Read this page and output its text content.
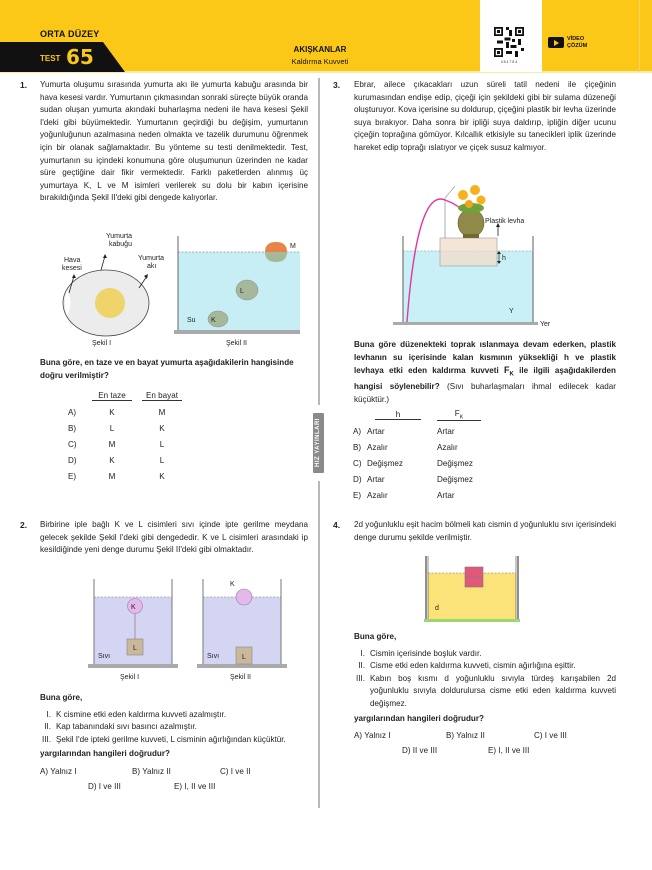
ORTA DÜZEY
TEST 65	AKIŞKANLAR
Kaldırma Kuvveti	4 8 4 7 8 4
VİDEO
ÇÖZÜM
HIZ YAYINLARI
1. Yumurta oluşumu sırasında yumurta akı ile yumurta kabuğu arasında bir hava kesesi vardır. Yumurtanın çıkmasından sonraki süreçte büyük oranda sudan oluşan yumurta akındaki buharlaşma nedeni ile hava kesesi Şekil I'deki gibi büyümektedir. Yumurtanın geçirdiği bu değişim, yumurtanın yoğunluğunun azalmasına neden olmakta ve tazelik durumunu öğrenmek için bir olanak sağlamaktadır. Bu yönteme su testi denilmektedir. Test, yumurtanın su içindeki konumuna göre oluşumunun üzerinden ne kadar süre geçtiğine dair fikir vermektedir. Farklı paketlerden alınmış üç yumurtaya K, L ve M isimleri verilerek su dolu bir kabın içerisine bırakıldığında Şekil II'deki gibi dengede kalıyorlar.
Hava kesesi
Yumurta
kabuğu
Yumurta
akı
Şekil I
K
L
M
Su
Şekil II
Buna göre, en taze ve en bayat yumurta aşağıdakilerin hangisinde doğru verilmiştir?

	En taze		En bayat

A)	K		M
B)	L		K
C)	M		L
D)	K		L
E)	M		K
2. Birbirine iple bağlı K ve L cisimleri sıvı içinde ipte gerilme meydana gelecek şekilde Şekil I'deki gibi dengededir. K ve L cisimleri arasındaki ip kesildiğinde yeni denge durumu Şekil II'deki gibi olmaktadır.
K
L
Sıvı
Şekil I
K
L
Sıvı
Şekil II
Buna göre,
I. K cismine etki eden kaldırma kuvveti azalmıştır.
II. Kap tabanındaki sıvı basıncı azalmıştır.
III. Şekil I'de ipteki gerilme kuvveti, L cisminin ağırlığından küçüktür.
yargılarından hangileri doğrudur?
A) Yalnız I	B) Yalnız II	C) I ve II
D) I ve III	E) I, II ve III
3. Ebrar, ailece çıkacakları uzun süreli tatil nedeni ile çiçeğinin kurumasından endişe edip, çiçeği için şekildeki gibi bir sulama düzeneği oluşturuyor. Kova içerisine su doldurup, çiçeğini plastik bir levha üzerinde suya bırakıyor. Daha sonra bir ipliği suya daldırıp, ipliğin diğer ucunu çiçeğin toprağına gömüyor. Kılcallık etkisiyle su tanecikleri iplik üzerinde hareket edip toprağı ıslatıyor ve çiçek susuz kalmıyor.
Plastik levha
h
Y
Yer
Buna göre düzenekteki toprak ıslanmaya devam ederken, plastik levhanın su içerisinde kalan kısmının yüksekliği h ve plastik levhaya etki eden kaldırma kuvveti $F_K$ ile ilgili aşağıdakilerden hangisi söylenebilir? (Sıvı buharlaşmaları ihmal edilecek kadar küçüktür.)

	h		$F_K$

A)	Artar		Artar
B)	Azalır		Azalır
C)	Değişmez		Değişmez
D)	Artar		Değişmez
E)	Azalır		Artar
4. 2d yoğunluklu eşit hacim bölmeli katı cismin d yoğunluklu sıvı içerisindeki denge durumu şekilde verilmiştir.
d
Buna göre,
I. Cismin içerisinde boşluk vardır.
II. Cisme etki eden kaldırma kuvveti, cismin ağırlığına eşittir.
III. Kabın boş kısmı d yoğunluklu sıvıyla türdeş karışabilen 2d yoğunluklu sıvıyla doldurulursa cisme etki eden kaldırma kuvveti değişmez.
yargılarından hangileri doğrudur?
A) Yalnız I	B) Yalnız II	C) I ve III
D) II ve III	E) I, II ve III
